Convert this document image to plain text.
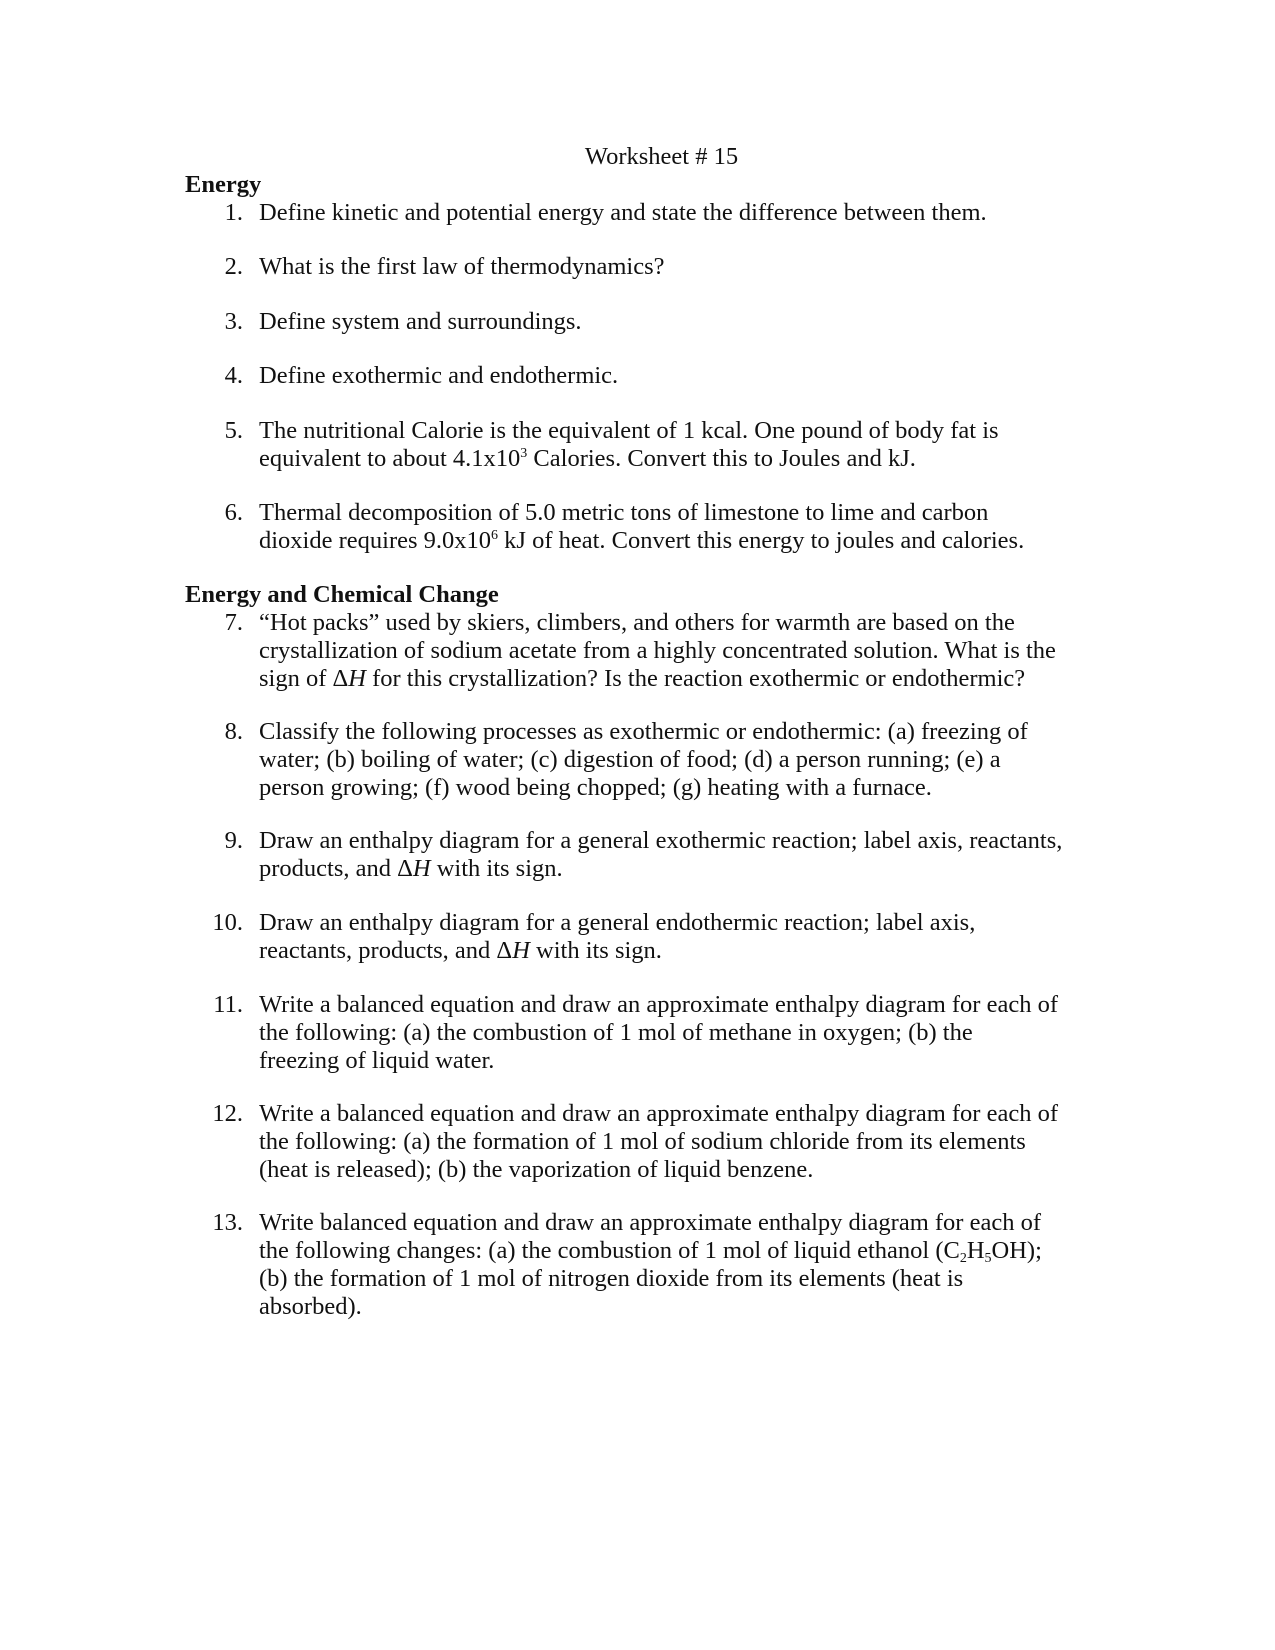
Worksheet # 15
Energy
1. Define kinetic and potential energy and state the difference between them.
2. What is the first law of thermodynamics?
3. Define system and surroundings.
4. Define exothermic and endothermic.
5. The nutritional Calorie is the equivalent of 1 kcal. One pound of body fat is
equivalent to about $4.1x10^3$ Calories. Convert this to Joules and kJ.
6. Thermal decomposition of 5.0 metric tons of limestone to lime and carbon
dioxide requires $9.0x10^6$ kJ of heat. Convert this energy to joules and calories.
Energy and Chemical Change
7. “Hot packs” used by skiers, climbers, and others for warmth are based on the
crystallization of sodium acetate from a highly concentrated solution. What is the
sign of ΔH for this crystallization? Is the reaction exothermic or endothermic?
8. Classify the following processes as exothermic or endothermic: (a) freezing of
water; (b) boiling of water; (c) digestion of food; (d) a person running; (e) a
person growing; (f) wood being chopped; (g) heating with a furnace.
9. Draw an enthalpy diagram for a general exothermic reaction; label axis, reactants,
products, and ΔH with its sign.
10. Draw an enthalpy diagram for a general endothermic reaction; label axis,
reactants, products, and ΔH with its sign.
11. Write a balanced equation and draw an approximate enthalpy diagram for each of
the following: (a) the combustion of 1 mol of methane in oxygen; (b) the
freezing of liquid water.
12. Write a balanced equation and draw an approximate enthalpy diagram for each of
the following: (a) the formation of 1 mol of sodium chloride from its elements
(heat is released); (b) the vaporization of liquid benzene.
13. Write balanced equation and draw an approximate enthalpy diagram for each of
the following changes: (a) the combustion of 1 mol of liquid ethanol $(C_2H_5OH)$;
(b) the formation of 1 mol of nitrogen dioxide from its elements (heat is
absorbed).
